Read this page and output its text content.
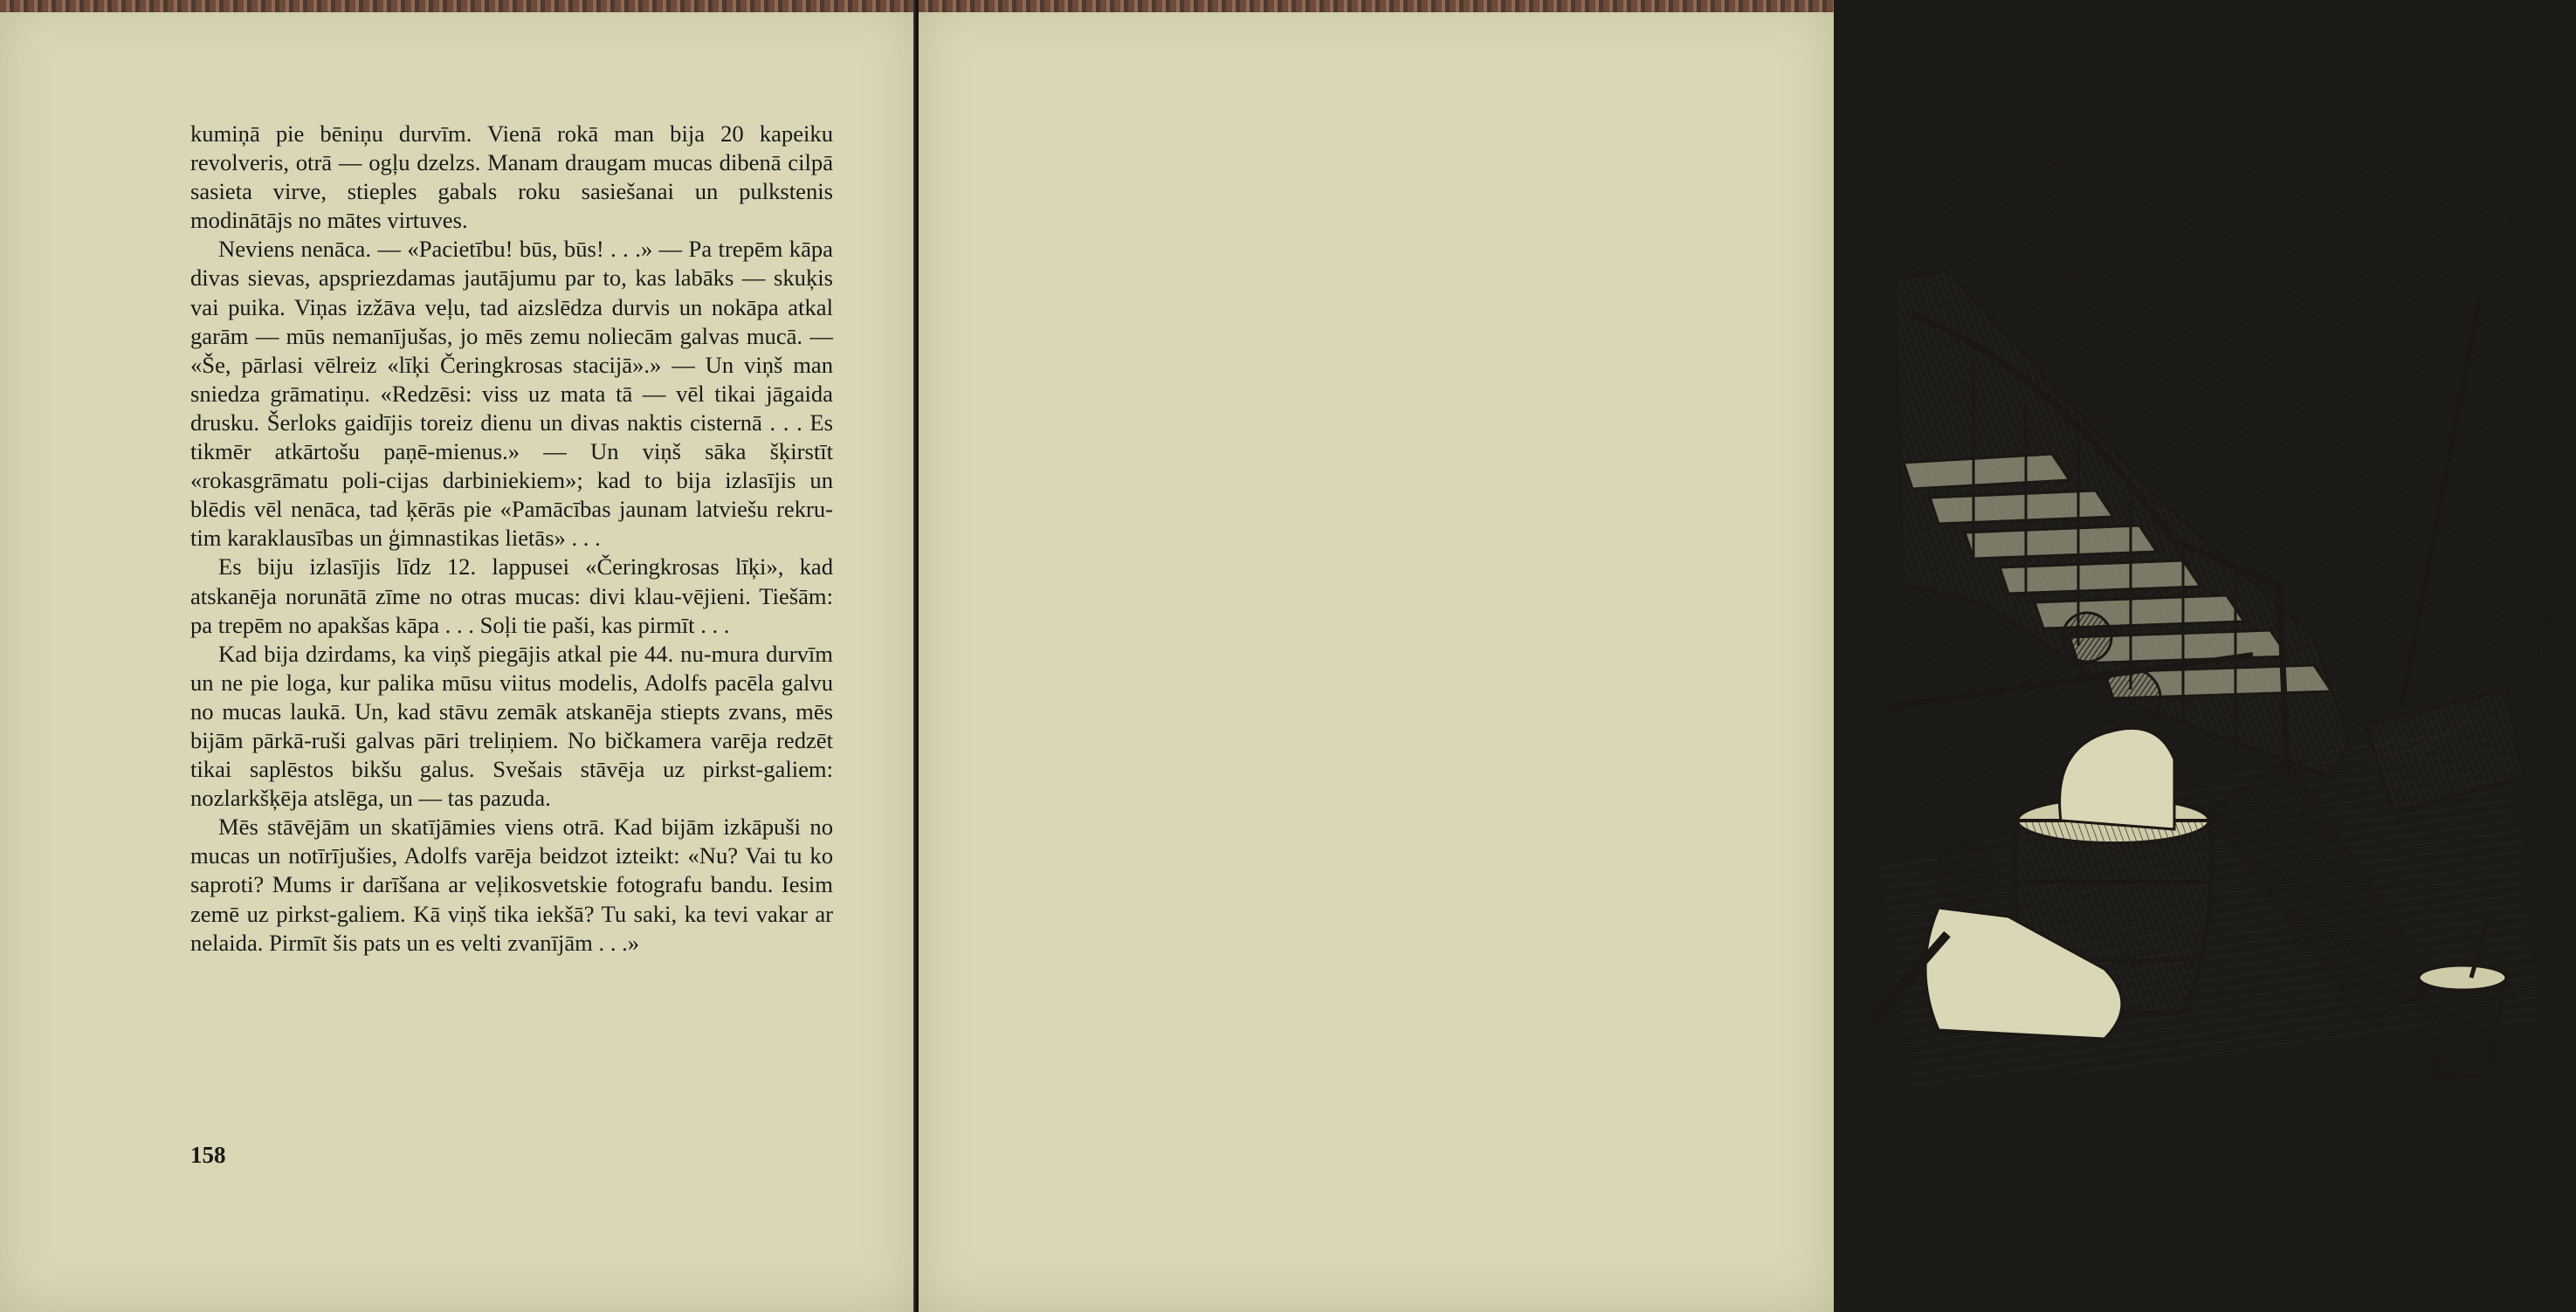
kumiņā pie bēniņu durvīm. Vienā rokā man bija 20 kapeiku revolveris, otrā — ogļu dzelzs. Manam draugam mucas dibenā cilpā sasieta virve, stieples gabals roku sasiešanai un pulkstenis modinātājs no mātes virtuves.

Neviens nenāca. — «Pacietību! būs, būs! . . .» — Pa trepēm kāpa divas sievas, apspriezdamas jautājumu par to, kas labāks — skuķis vai puika. Viņas izžāva veļu, tad aizslēdza durvis un nokāpa atkal garām — mūs nemanījušas, jo mēs zemu noliecām galvas mucā. — «Še, pārlasi vēlreiz «līķi Čeringkrosas stacijā».» — Un viņš man sniedza grāmatiņu. «Redzēsi: viss uz mata tā — vēl tikai jāgaida drusku. Šerloks gaidījis toreiz dienu un divas naktis cisternā . . . Es tikmēr atkārtošu paņē-mienus.» — Un viņš sāka šķirstīt «rokasgrāmatu poli-cijas darbiniekiem»; kad to bija izlasījis un blēdis vēl nenāca, tad ķērās pie «Pamācības jaunam latviešu rekru-tim karaklausības un ģimnastikas lietās» . . .

Es biju izlasījis līdz 12. lappusei «Čeringkrosas līķi», kad atskanēja norunātā zīme no otras mucas: divi klau-vējieni. Tiešām: pa trepēm no apakšas kāpa . . . Soļi tie paši, kas pirmīt . . .

Kad bija dzirdams, ka viņš piegājis atkal pie 44. nu-mura durvīm un ne pie loga, kur palika mūsu viitus modelis, Adolfs pacēla galvu no mucas laukā. Un, kad stāvu zemāk atskanēja stiepts zvans, mēs bijām pārkā-ruši galvas pāri treliņiem. No bičkamera varēja redzēt tikai saplēstos bikšu galus. Svešais stāvēja uz pirkst-galiem: nozlarkšķēja atslēga, un — tas pazuda.

Mēs stāvējām un skatījāmies viens otrā. Kad bijām izkāpuši no mucas un notīrījušies, Adolfs varēja beidzot izteikt: «Nu? Vai tu ko saproti? Mums ir darīšana ar veļikosvetskie fotografu bandu. Iesim zemē uz pirkst-galiem. Kā viņš tika iekšā? Tu saki, ka tevi vakar ar nelaida. Pirmīt šis pats un es velti zvanījām . . .»

158
H VĪTOL '43
